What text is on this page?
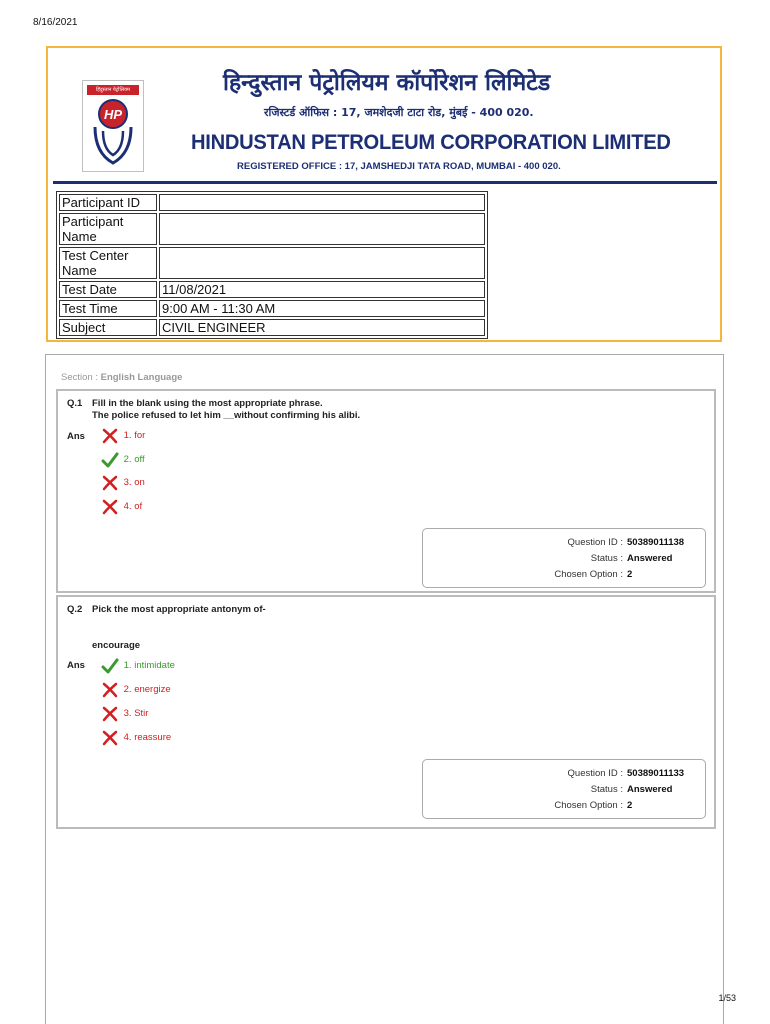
8/16/2021
हिंदुस्तान पेट्रोलियम
HP
हिन्दुस्तान पेट्रोलियम कॉर्पोरेशन लिमिटेड
रजिस्टर्ड ऑफिस : 17, जमशेदजी टाटा रोड, मुंबई - 400 020.
HINDUSTAN PETROLEUM CORPORATION LIMITED
REGISTERED OFFICE : 17, JAMSHEDJI TATA ROAD, MUMBAI - 400 020.
Participant ID	
Participant Name	
Test Center Name	
Test Date	11/08/2021
Test Time	9:00 AM - 11:30 AM
Subject	CIVIL ENGINEER
Section : English Language
Q.1 Fill in the blank using the most appropriate phrase.
The police refused to let him __without confirming his alibi.
Ans	1. for
2. off
3. on
4. of
Question ID : 50389011138
Status : Answered
Chosen Option : 2
Q.2 Pick the most appropriate antonym of-
encourage
Ans	1. intimidate
2. energize
3. Stir
4. reassure
Question ID : 50389011133
Status : Answered
Chosen Option : 2
1/53
